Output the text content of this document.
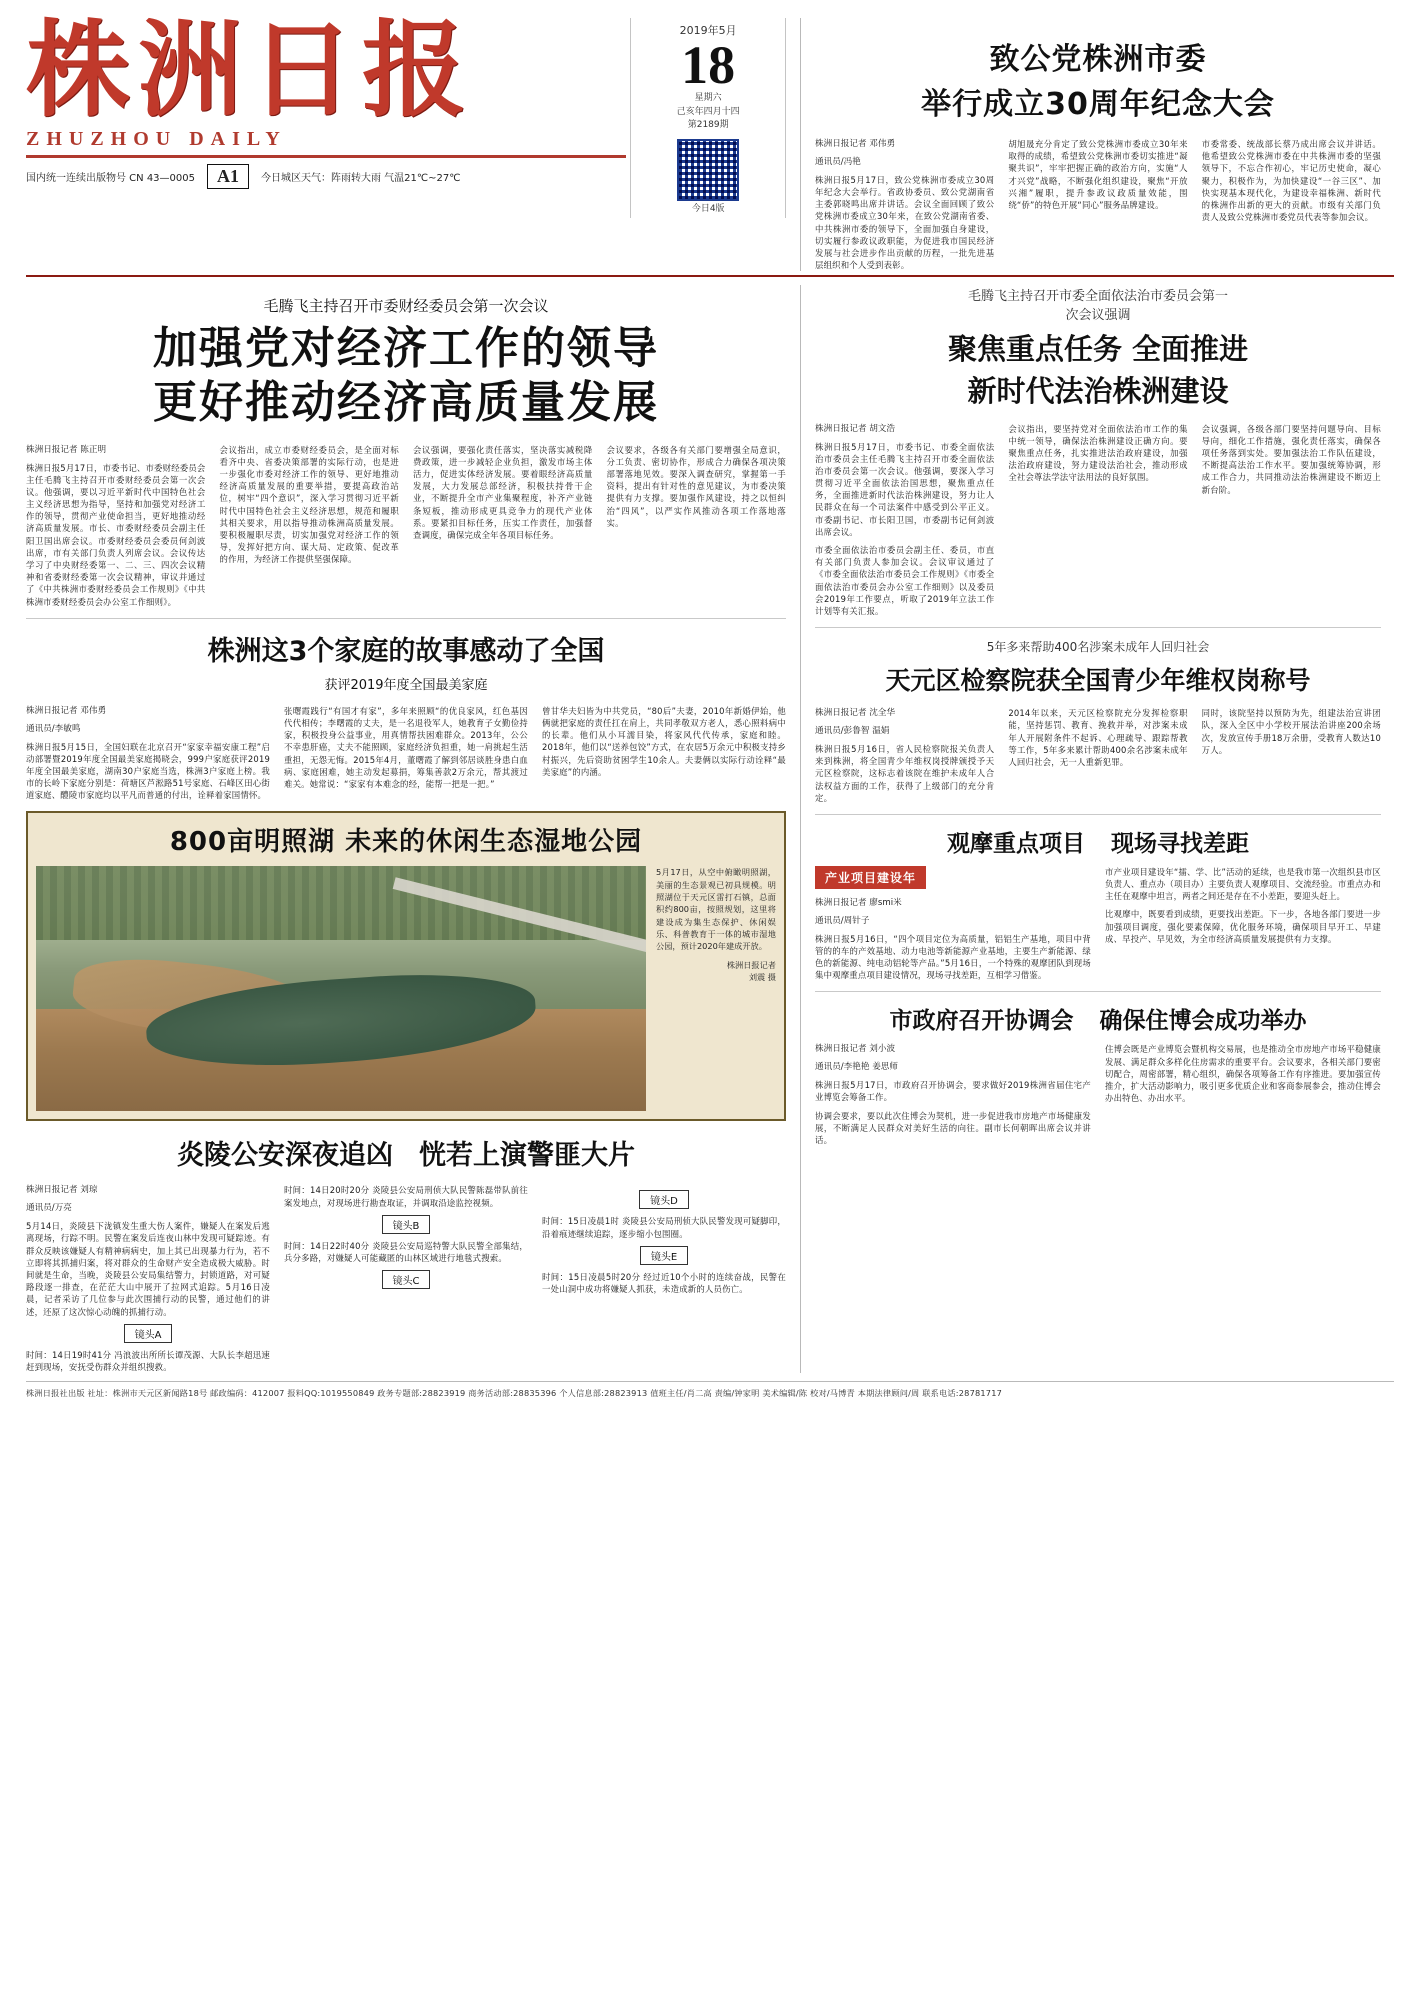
株洲日报
ZHUZHOU DAILY
国内统一连续出版物号 CN 43—0005	A1	今日城区天气：阵雨转大雨 气温21℃~27℃
2019年5月
18
星期六
己亥年四月十四
第2189期
今日4版
致公党株洲市委
举行成立30周年纪念大会
株洲日报记者 邓伟勇
通讯员/冯艳
株洲日报5月17日，致公党株洲市委成立30周年纪念大会举行。省政协委员、致公党湖南省主委郭晓鸣出席并讲话。会议全面回顾了致公党株洲市委成立30年来，在致公党湖南省委、中共株洲市委的领导下，全面加强自身建设，切实履行参政议政职能，为促进我市国民经济发展与社会进步作出贡献的历程，一批先进基层组织和个人受到表彰。
胡旭晟充分肯定了致公党株洲市委成立30年来取得的成绩，希望致公党株洲市委切实推进“凝聚共识”，牢牢把握正确的政治方向，实施“人才兴党”战略，不断强化组织建设，聚焦“开放兴湘”履职，提升参政议政质量效能，围绕“侨”的特色开展“同心”服务品牌建设。
市委常委、统战部长蔡乃成出席会议并讲话。他希望致公党株洲市委在中共株洲市委的坚强领导下，不忘合作初心，牢记历史使命，凝心聚力，积极作为，为加快建设“一谷三区”、加快实现基本现代化，为建设幸福株洲、新时代的株洲作出新的更大的贡献。市级有关部门负责人及致公党株洲市委党员代表等参加会议。
毛腾飞主持召开市委财经委员会第一次会议
加强党对经济工作的领导
更好推动经济高质量发展
株洲日报记者 陈正明
株洲日报5月17日，市委书记、市委财经委员会主任毛腾飞主持召开市委财经委员会第一次会议。他强调，要以习近平新时代中国特色社会主义经济思想为指导，坚持和加强党对经济工作的领导，贯彻产业使命担当，更好地推动经济高质量发展。市长、市委财经委员会副主任阳卫国出席会议。市委财经委员会委员何剑波出席，市有关部门负责人列席会议。会议传达学习了中央财经委第一、二、三、四次会议精神和省委财经委第一次会议精神，审议并通过了《中共株洲市委财经委员会工作规则》《中共株洲市委财经委员会办公室工作细则》。
会议指出，成立市委财经委员会，是全面对标看齐中央、省委决策部署的实际行动，也是进一步强化市委对经济工作的领导、更好地推动经济高质量发展的重要举措，要提高政治站位，树牢“四个意识”，深入学习贯彻习近平新时代中国特色社会主义经济思想，规范和履职其相关要求，用以指导推动株洲高质量发展。要积极履职尽责，切实加强党对经济工作的领导，发挥好把方向、谋大局、定政策、促改革的作用，为经济工作提供坚强保障。
会议强调，要强化责任落实，坚决落实减税降费政策，进一步减轻企业负担，激发市场主体活力，促进实体经济发展。要着眼经济高质量发展，大力发展总部经济，积极扶持骨干企业，不断提升全市产业集聚程度，补齐产业链条短板，推动形成更具竞争力的现代产业体系。要紧扣目标任务，压实工作责任，加强督查调度，确保完成全年各项目标任务。
会议要求，各级各有关部门要增强全局意识，分工负责、密切协作，形成合力确保各项决策部署落地见效。要深入调查研究，掌握第一手资料，提出有针对性的意见建议，为市委决策提供有力支撑。要加强作风建设，持之以恒纠治“四风”，以严实作风推动各项工作落地落实。
株洲这3个家庭的故事感动了全国
获评2019年度全国最美家庭
株洲日报记者 邓伟勇
通讯员/李敏鸣
株洲日报5月15日，全国妇联在北京召开“家家幸福安康工程”启动部署暨2019年度全国最美家庭揭晓会，999户家庭获评2019年度全国最美家庭，湖南30户家庭当选，株洲3户家庭上榜。我市的长岭下家庭分别是：荷塘区芦淞路51号家庭、石峰区田心街道家庭、醴陵市家庭均以平凡而普通的付出，诠释着家国情怀。
张曙霞践行“有国才有家”，多年来照顾“的优良家风，红色基因代代相传；李曙霞的丈夫，是一名退役军人，她教育子女勤俭持家，积极投身公益事业，用真情帮扶困难群众。2013年，公公不幸患肝癌，丈夫不能照顾，家庭经济负担重，她一肩挑起生活重担，无怨无悔。2015年4月，董曙霞了解到邻居谈胜身患白血病、家庭困难，她主动发起募捐，筹集善款2万余元，帮其渡过难关。她常说：“家家有本难念的经，能帮一把是一把。”
曾甘华夫妇皆为中共党员，“80后”夫妻，2010年新婚伊始，他俩就把家庭的责任扛在肩上，共同孝敬双方老人，悉心照料病中的长辈。他们从小耳濡目染，将家风代代传承，家庭和睦。2018年，他们以“送养包饺”方式，在农居5万余元中积极支持乡村振兴，先后资助贫困学生10余人。夫妻俩以实际行动诠释“最美家庭”的内涵。
800亩明照湖 未来的休闲生态湿地公园
5月17日，从空中俯瞰明照湖，美丽的生态景观已初具规模。明照湖位于天元区雷打石镇，总面积约800亩，按照规划，这里将建设成为集生态保护、休闲娱乐、科普教育于一体的城市湿地公园，预计2020年建成开放。
株洲日报记者
刘震 摄
炎陵公安深夜追凶 恍若上演警匪大片
株洲日报记者 刘琼
通讯员/万亮
5月14日，炎陵县下泷镇发生重大伤人案件，嫌疑人在案发后逃离现场，行踪不明。民警在案发后连夜山林中发现可疑踪迹。有群众反映该嫌疑人有精神病病史，加上其已出现暴力行为，若不立即将其抓捕归案，将对群众的生命财产安全造成极大威胁。时间就是生命，当晚，炎陵县公安局集结警力，封锁道路，对可疑路段逐一排查，在茫茫大山中展开了拉网式追踪。5月16日凌晨，记者采访了几位参与此次围捕行动的民警，通过他们的讲述，还原了这次惊心动魄的抓捕行动。
镜头A
时间：14日19时41分 冯浪波出所所长谭茂源、大队长李超迅速赶到现场，安抚受伤群众并组织搜救。
时间：14日20时20分 炎陵县公安局刑侦大队民警陈磊带队前往案发地点，对现场进行勘查取证，并调取沿途监控视频。
镜头B
时间：14日22时40分 炎陵县公安局巡特警大队民警全部集结，兵分多路，对嫌疑人可能藏匿的山林区域进行地毯式搜索。
镜头C
镜头D
时间：15日凌晨1时 炎陵县公安局刑侦大队民警发现可疑脚印，沿着痕迹继续追踪，逐步缩小包围圈。
镜头E
时间：15日凌晨5时20分 经过近10个小时的连续奋战，民警在一处山洞中成功将嫌疑人抓获，未造成新的人员伤亡。
毛腾飞主持召开市委全面依法治市委员会第一
次会议强调
聚焦重点任务 全面推进
新时代法治株洲建设
株洲日报记者 胡文浩
株洲日报5月17日，市委书记、市委全面依法治市委员会主任毛腾飞主持召开市委全面依法治市委员会第一次会议。他强调，要深入学习贯彻习近平全面依法治国思想，聚焦重点任务，全面推进新时代法治株洲建设，努力让人民群众在每一个司法案件中感受到公平正义。市委副书记、市长阳卫国，市委副书记何剑波出席会议。
市委全面依法治市委员会副主任、委员，市直有关部门负责人参加会议。会议审议通过了《市委全面依法治市委员会工作规则》《市委全面依法治市委员会办公室工作细则》以及委员会2019年工作要点，听取了2019年立法工作计划等有关汇报。
会议指出，要坚持党对全面依法治市工作的集中统一领导，确保法治株洲建设正确方向。要聚焦重点任务，扎实推进法治政府建设，加强法治政府建设，努力建设法治社会，推动形成全社会尊法学法守法用法的良好氛围。
会议强调，各级各部门要坚持问题导向、目标导向，细化工作措施，强化责任落实，确保各项任务落到实处。要加强法治工作队伍建设，不断提高法治工作水平。要加强统筹协调，形成工作合力，共同推动法治株洲建设不断迈上新台阶。
5年多来帮助400名涉案未成年人回归社会
天元区检察院获全国青少年维权岗称号
株洲日报记者 沈全华
通讯员/彭鲁智 温娟
株洲日报5月16日，省人民检察院报关负责人来到株洲，将全国青少年维权岗授牌颁授予天元区检察院，这标志着该院在维护未成年人合法权益方面的工作，获得了上级部门的充分肯定。
2014年以来，天元区检察院充分发挥检察职能，坚持惩罚、教育、挽救并举，对涉案未成年人开展附条件不起诉、心理疏导、跟踪帮教等工作，5年多来累计帮助400余名涉案未成年人回归社会，无一人重新犯罪。
同时，该院坚持以预防为先，组建法治宣讲团队，深入全区中小学校开展法治讲座200余场次，发放宣传手册18万余册，受教育人数达10万人。
观摩重点项目 现场寻找差距
产业项目建设年
株洲日报记者 廖smi米
通讯员/周针子
株洲日报5月16日，“四个项目定位为高质量，铝铝生产基地，项目中背管的的车的产效基地、动力电池等新能源产业基地，主要生产新能源、绿色的新能源、纯电动铝轮等产品。”5月16日，一个特殊的观摩团队到现场集中观摩重点项目建设情况，现场寻找差距，互相学习借鉴。
市产业项目建设年“擂、学、比”活动的延续，也是我市第一次组织县市区负责人、重点办（项目办）主要负责人观摩项目、交流经验。市重点办和主任在观摩中坦言，两者之间还是存在不小差距，要迎头赶上。
比观摩中，既要看到成绩，更要找出差距。下一步，各地各部门要进一步加强项目调度，强化要素保障，优化服务环境，确保项目早开工、早建成、早投产、早见效，为全市经济高质量发展提供有力支撑。
市政府召开协调会 确保住博会成功举办
株洲日报记者 刘小波
通讯员/李艳艳 姜思师
株洲日报5月17日，市政府召开协调会，要求做好2019株洲省届住宅产业博览会筹备工作。
协调会要求，要以此次住博会为契机，进一步促进我市房地产市场健康发展，不断满足人民群众对美好生活的向往。副市长何朝晖出席会议并讲话。
住博会既是产业博览会暨机构交易展，也是推动全市房地产市场平稳健康发展、满足群众多样化住房需求的重要平台。会议要求，各相关部门要密切配合，周密部署，精心组织，确保各项筹备工作有序推进。要加强宣传推介，扩大活动影响力，吸引更多优质企业和客商参展参会，推动住博会办出特色、办出水平。
株洲日报社出版 社址：株洲市天元区新闻路18号 邮政编码：412007 报料QQ:1019550849 政务专题部:28823919 商务活动部:28835396 个人信息部:28823913 值班主任/肖二高 责编/钟家明 美术编辑/陈 校对/马博青 本期法律顾问/周 联系电话:28781717
